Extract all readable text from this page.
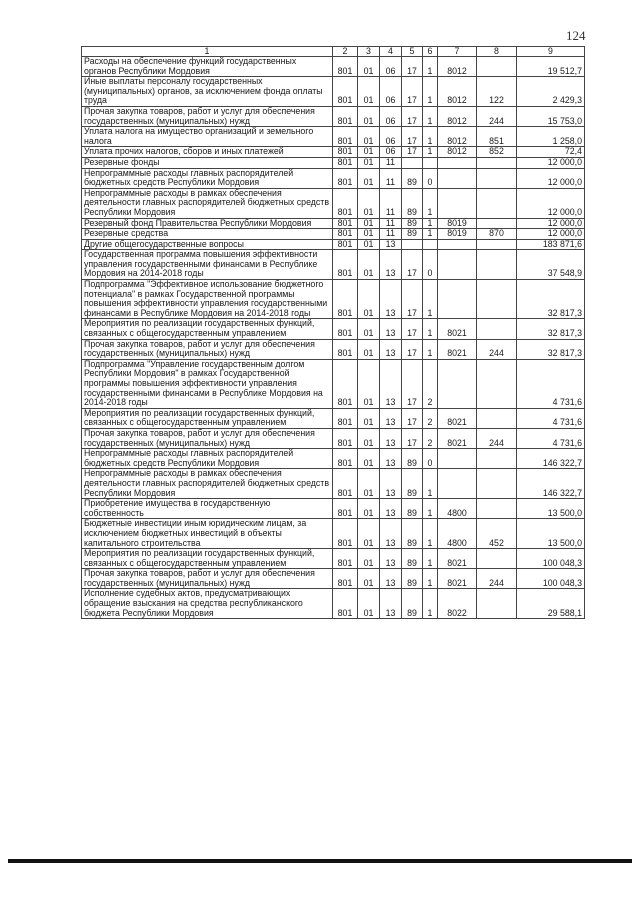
124
1	2	3	4	5	6	7	8	9
Расходы на обеспечение функций государственных органов Республики Мордовия	801	01	06	17	1	8012		19 512,7
Иные выплаты персоналу государственных (муниципальных) органов, за исключением фонда оплаты труда	801	01	06	17	1	8012	122	2 429,3
Прочая закупка товаров, работ и услуг для обеспечения государственных (муниципальных) нужд	801	01	06	17	1	8012	244	15 753,0
Уплата налога на имущество организаций и земельного налога	801	01	06	17	1	8012	851	1 258,0
Уплата прочих налогов, сборов и иных платежей	801	01	06	17	1	8012	852	72,4
Резервные фонды	801	01	11					12 000,0
Непрограммные расходы главных распорядителей бюджетных средств Республики Мордовия	801	01	11	89	0			12 000,0
Непрограммные расходы в рамках обеспечения деятельности главных распорядителей бюджетных средств Республики Мордовия	801	01	11	89	1			12 000,0
Резервный фонд Правительства Республики Мордовия	801	01	11	89	1	8019		12 000,0
Резервные средства	801	01	11	89	1	8019	870	12 000,0
Другие общегосударственные вопросы	801	01	13					183 871,6
Государственная программа повышения эффективности управления государственными финансами в Республике Мордовия на 2014-2018 годы	801	01	13	17	0			37 548,9
Подпрограмма "Эффективное использование бюджетного потенциала" в рамках Государственной программы повышения эффективности управления государственными финансами в Республике Мордовия на 2014-2018 годы	801	01	13	17	1			32 817,3
Мероприятия по реализации государственных функций, связанных с общегосударственным управлением	801	01	13	17	1	8021		32 817,3
Прочая закупка товаров, работ и услуг для обеспечения государственных (муниципальных) нужд	801	01	13	17	1	8021	244	32 817,3
Подпрограмма "Управление государственным долгом Республики Мордовия" в рамках Государственной программы повышения эффективности управления государственными финансами в Республике Мордовия на 2014-2018 годы	801	01	13	17	2			4 731,6
Мероприятия по реализации государственных функций, связанных с общегосударственным управлением	801	01	13	17	2	8021		4 731,6
Прочая закупка товаров, работ и услуг для обеспечения государственных (муниципальных) нужд	801	01	13	17	2	8021	244	4 731,6
Непрограммные расходы главных распорядителей бюджетных средств Республики Мордовия	801	01	13	89	0			146 322,7
Непрограммные расходы в рамках обеспечения деятельности главных распорядителей бюджетных средств Республики Мордовия	801	01	13	89	1			146 322,7
Приобретение имущества в государственную собственность	801	01	13	89	1	4800		13 500,0
Бюджетные инвестиции иным юридическим лицам, за исключением бюджетных инвестиций в объекты капитального строительства	801	01	13	89	1	4800	452	13 500,0
Мероприятия по реализации государственных функций, связанных с общегосударственным управлением	801	01	13	89	1	8021		100 048,3
Прочая закупка товаров, работ и услуг для обеспечения государственных (муниципальных) нужд	801	01	13	89	1	8021	244	100 048,3
Исполнение судебных актов, предусматривающих обращение взыскания на средства республиканского бюджета Республики Мордовия	801	01	13	89	1	8022		29 588,1
